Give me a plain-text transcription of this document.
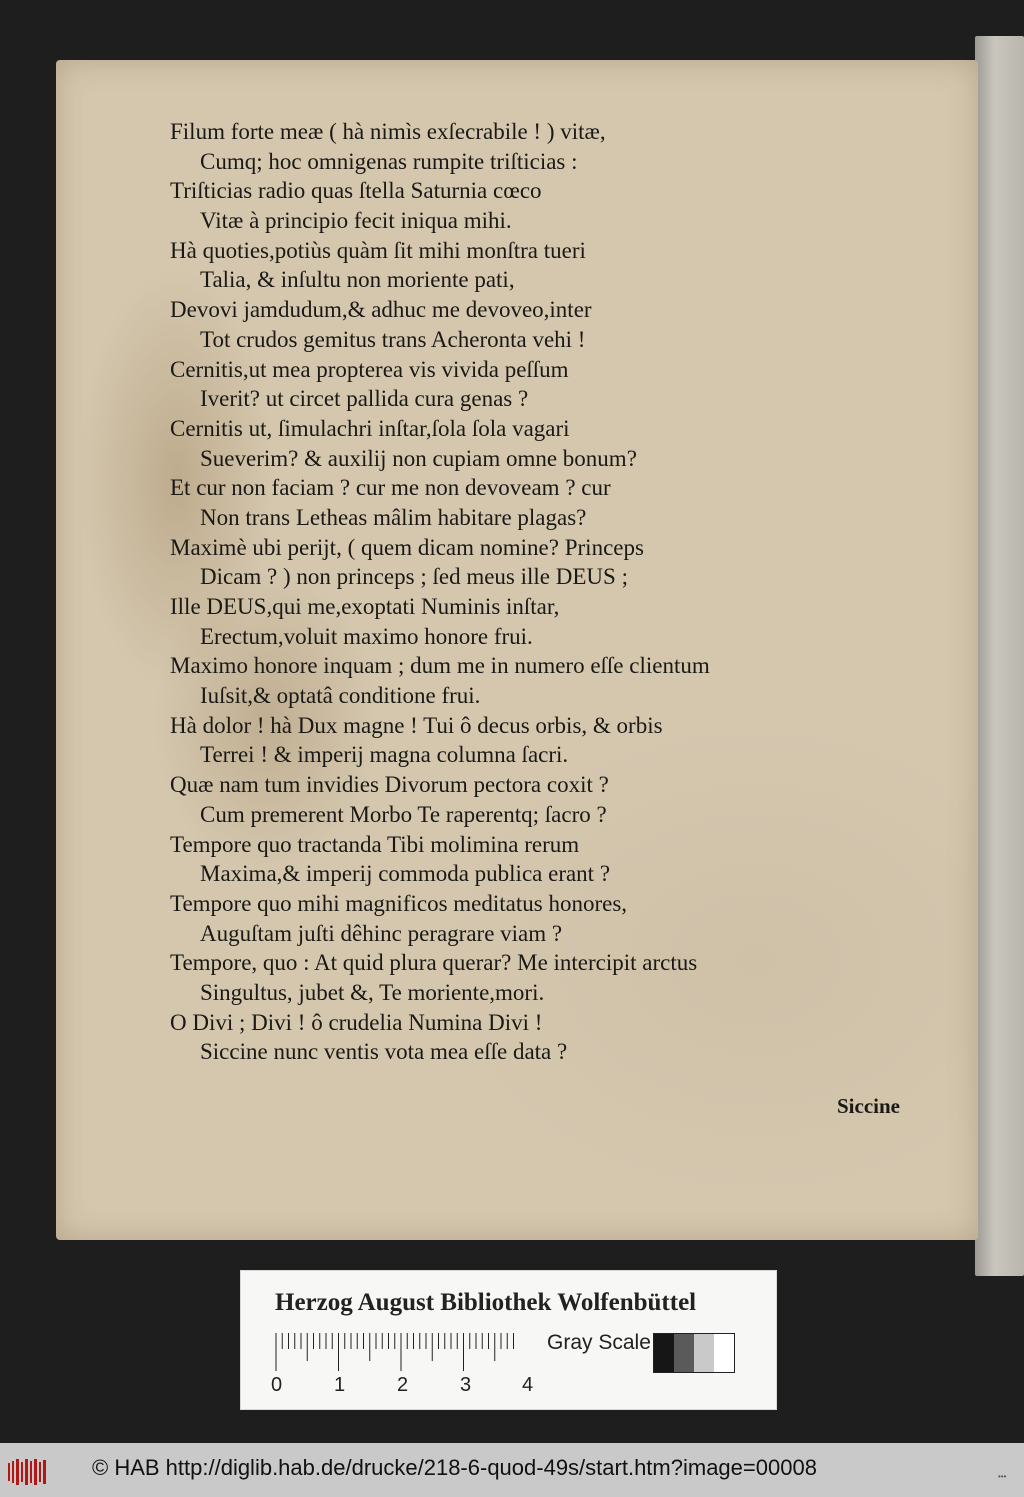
Filum forte meæ ( hà nimìs exſecrabile ! ) vitæ,
Cumq; hoc omnigenas rumpite triſticias :
Triſticias radio quas ſtella Saturnia cœco
Vitæ à principio fecit iniqua mihi.
Hà quoties,potiùs quàm ſit mihi monſtra tueri
Talia, & inſultu non moriente pati,
Devovi jamdudum,& adhuc me devoveo,inter
Tot crudos gemitus trans Acheronta vehi !
Cernitis,ut mea propterea vis vivida peſſum
Iverit? ut circet pallida cura genas ?
Cernitis ut, ſimulachri inſtar,ſola ſola vagari
Sueverim? & auxilij non cupiam omne bonum?
Et cur non faciam ? cur me non devoveam ? cur
Non trans Letheas mâlim habitare plagas?
Maximè ubi perijt, ( quem dicam nomine? Princeps
Dicam ? ) non princeps ; ſed meus ille DEUS ;
Ille DEUS,qui me,exoptati Numinis inſtar,
Erectum,voluit maximo honore frui.
Maximo honore inquam ; dum me in numero eſſe clientum
Iuſsit,& optatâ conditione frui.
Hà dolor ! hà Dux magne ! Tui ô decus orbis, & orbis
Terrei ! & imperij magna columna ſacri.
Quæ nam tum invidies Divorum pectora coxit ?
Cum premerent Morbo Te raperentq; ſacro ?
Tempore quo tractanda Tibi molimina rerum
Maxima,& imperij commoda publica erant ?
Tempore quo mihi magnificos meditatus honores,
Auguſtam juſti dêhinc peragrare viam ?
Tempore, quo : At quid plura querar? Me intercipit arctus
Singultus, jubet &, Te moriente,mori.
O Divi ; Divi ! ô crudelia Numina Divi !
Siccine nunc ventis vota mea eſſe data ?
Siccine
Herzog August Bibliothek Wolfenbüttel
0	1	2	3	4
Gray Scale
© HAB http://diglib.hab.de/drucke/218-6-quod-49s/start.htm?image=00008	•••
